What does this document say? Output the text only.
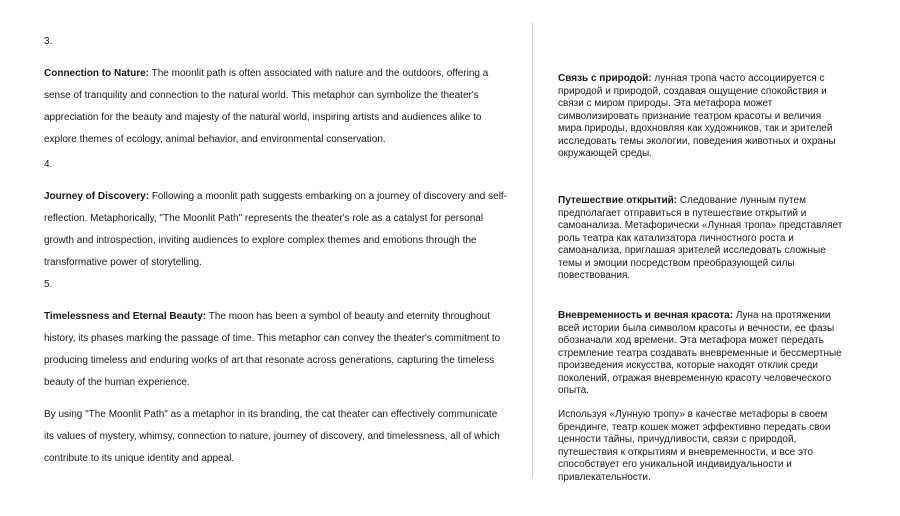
3.
Connection to Nature: The moonlit path is often associated with nature and the outdoors, offering a sense of tranquility and connection to the natural world. This metaphor can symbolize the theater's appreciation for the beauty and majesty of the natural world, inspiring artists and audiences alike to explore themes of ecology, animal behavior, and environmental conservation.
4.
Journey of Discovery: Following a moonlit path suggests embarking on a journey of discovery and self-reflection. Metaphorically, "The Moonlit Path" represents the theater's role as a catalyst for personal growth and introspection, inviting audiences to explore complex themes and emotions through the transformative power of storytelling.
5.
Timelessness and Eternal Beauty: The moon has been a symbol of beauty and eternity throughout history, its phases marking the passage of time. This metaphor can convey the theater's commitment to producing timeless and enduring works of art that resonate across generations, capturing the timeless beauty of the human experience.
By using "The Moonlit Path" as a metaphor in its branding, the cat theater can effectively communicate its values of mystery, whimsy, connection to nature, journey of discovery, and timelessness, all of which contribute to its unique identity and appeal.
Связь с природой: лунная тропа часто ассоциируется с природой и природой, создавая ощущение спокойствия и связи с миром природы. Эта метафора может символизировать признание театром красоты и величия мира природы, вдохновляя как художников, так и зрителей исследовать темы экологии, поведения животных и охраны окружающей среды.
Путешествие открытий: Следование лунным путем предполагает отправиться в путешествие открытий и самоанализа. Метафорически «Лунная тропа» представляет роль театра как катализатора личностного роста и самоанализа, приглашая зрителей исследовать сложные темы и эмоции посредством преобразующей силы повествования.
Вневременность и вечная красота: Луна на протяжении всей истории была символом красоты и вечности, ее фазы обозначали ход времени. Эта метафора может передать стремление театра создавать вневременные и бессмертные произведения искусства, которые находят отклик среди поколений, отражая вневременную красоту человеческого опыта.
Используя «Лунную тропу» в качестве метафоры в своем брендинге, театр кошек может эффективно передать свои ценности тайны, причудливости, связи с природой, путешествия к открытиям и вневременности, и все это способствует его уникальной индивидуальности и привлекательности.
